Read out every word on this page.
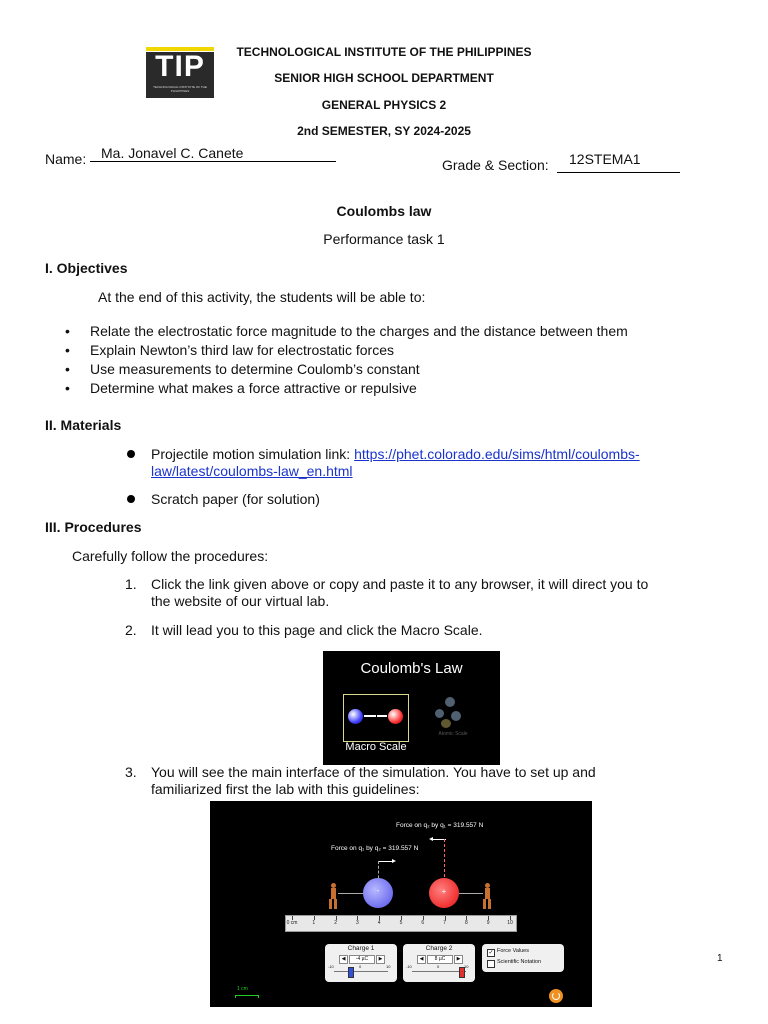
TIP
TECHNOLOGICAL INSTITUTE OF THE PHILIPPINES
TECHNOLOGICAL INSTITUTE OF THE PHILIPPINES
SENIOR HIGH SCHOOL DEPARTMENT
GENERAL PHYSICS 2
2nd SEMESTER, SY 2024-2025
Name: Ma. Jonavel C. Canete
Grade & Section: 12STEMA1
Coulombs law
Performance task 1
I. Objectives
At the end of this activity, the students will be able to:
• Relate the electrostatic force magnitude to the charges and the distance between them
• Explain Newton’s third law for electrostatic forces
• Use measurements to determine Coulomb’s constant
• Determine what makes a force attractive or repulsive
II. Materials
Projectile motion simulation link: https://phet.colorado.edu/sims/html/coulombs-
law/latest/coulombs-law_en.html
Scratch paper (for solution)
III. Procedures
Carefully follow the procedures:
1. Click the link given above or copy and paste it to any browser, it will direct you to
the website of our virtual lab.
2. It will lead you to this page and click the Macro Scale.
Coulomb's Law
Macro Scale
Atomic Scale
3. You will see the main interface of the simulation. You have to set up and
familiarized first the lab with this guidelines:
Force on q₂ by q₁ = 319.557 N
Force on q₁ by q₂ = 319.557 N
-	+
0 cm	1	2	3	4	5	6	7	8	9	10
Charge 1
◀	-4 µC	▶
-10	0	10
Charge 2
◀	8 µC	▶
-10	0	10
✓ Force Values
Scientific Notation
1 cm
1
